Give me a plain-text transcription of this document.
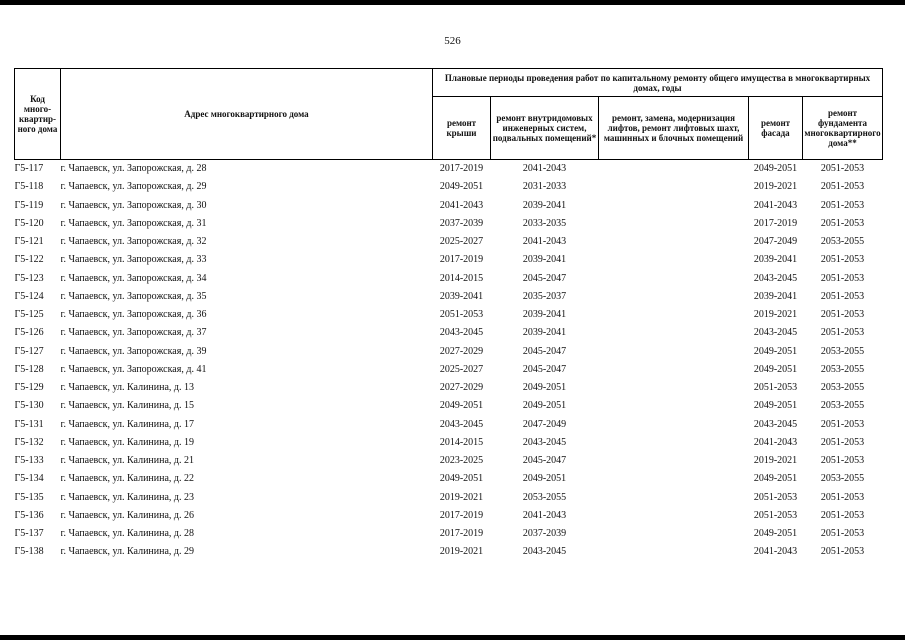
526
Код много-квартир-ного дома	Адрес многоквартирного дома	Плановые периоды проведения работ по капитальному ремонту общего имущества в многоквартирных домах, годы				
		ремонт крыши	ремонт внутридомовых инженерных систем, подвальных помещений*	ремонт, замена, модернизация лифтов, ремонт лифтовых шахт, машинных и блочных помещений	ремонт фасада	ремонт фундамента многоквартирного дома**
Г5-117	г. Чапаевск, ул. Запорожская, д. 28	2017-2019	2041-2043		2049-2051	2051-2053
Г5-118	г. Чапаевск, ул. Запорожская, д. 29	2049-2051	2031-2033		2019-2021	2051-2053
Г5-119	г. Чапаевск, ул. Запорожская, д. 30	2041-2043	2039-2041		2041-2043	2051-2053
Г5-120	г. Чапаевск, ул. Запорожская, д. 31	2037-2039	2033-2035		2017-2019	2051-2053
Г5-121	г. Чапаевск, ул. Запорожская, д. 32	2025-2027	2041-2043		2047-2049	2053-2055
Г5-122	г. Чапаевск, ул. Запорожская, д. 33	2017-2019	2039-2041		2039-2041	2051-2053
Г5-123	г. Чапаевск, ул. Запорожская, д. 34	2014-2015	2045-2047		2043-2045	2051-2053
Г5-124	г. Чапаевск, ул. Запорожская, д. 35	2039-2041	2035-2037		2039-2041	2051-2053
Г5-125	г. Чапаевск, ул. Запорожская, д. 36	2051-2053	2039-2041		2019-2021	2051-2053
Г5-126	г. Чапаевск, ул. Запорожская, д. 37	2043-2045	2039-2041		2043-2045	2051-2053
Г5-127	г. Чапаевск, ул. Запорожская, д. 39	2027-2029	2045-2047		2049-2051	2053-2055
Г5-128	г. Чапаевск, ул. Запорожская, д. 41	2025-2027	2045-2047		2049-2051	2053-2055
Г5-129	г. Чапаевск, ул. Калинина, д. 13	2027-2029	2049-2051		2051-2053	2053-2055
Г5-130	г. Чапаевск, ул. Калинина, д. 15	2049-2051	2049-2051		2049-2051	2053-2055
Г5-131	г. Чапаевск, ул. Калинина, д. 17	2043-2045	2047-2049		2043-2045	2051-2053
Г5-132	г. Чапаевск, ул. Калинина, д. 19	2014-2015	2043-2045		2041-2043	2051-2053
Г5-133	г. Чапаевск, ул. Калинина, д. 21	2023-2025	2045-2047		2019-2021	2051-2053
Г5-134	г. Чапаевск, ул. Калинина, д. 22	2049-2051	2049-2051		2049-2051	2053-2055
Г5-135	г. Чапаевск, ул. Калинина, д. 23	2019-2021	2053-2055		2051-2053	2051-2053
Г5-136	г. Чапаевск, ул. Калинина, д. 26	2017-2019	2041-2043		2051-2053	2051-2053
Г5-137	г. Чапаевск, ул. Калинина, д. 28	2017-2019	2037-2039		2049-2051	2051-2053
Г5-138	г. Чапаевск, ул. Калинина, д. 29	2019-2021	2043-2045		2041-2043	2051-2053
